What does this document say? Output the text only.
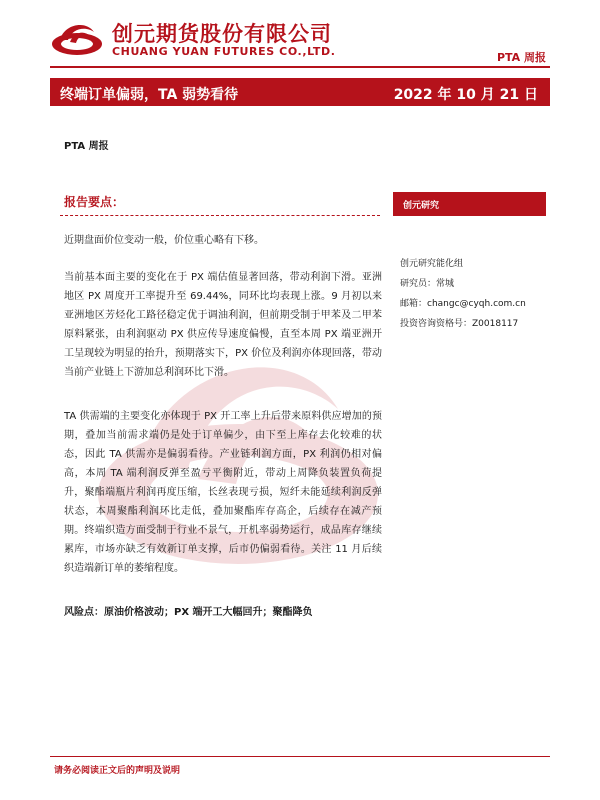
创元期货股份有限公司
CHUANG YUAN FUTURES CO.,LTD.	PTA 周报
终端订单偏弱，TA 弱势看待	2022 年 10 月 21 日
PTA 周报
报告要点：

近期盘面价位变动一般，价位重心略有下移。

当前基本面主要的变化在于 PX 端估值显著回落，带动利润下滑。亚洲地区 PX 周度开工率提升至 69.44%，同环比均表现上涨。9 月初以来亚洲地区芳烃化工路径稳定优于调油利润，但前期受制于甲苯及二甲苯原料紧张，由利润驱动 PX 供应传导速度偏慢，直至本周 PX 端亚洲开工呈现较为明显的抬升，预期落实下，PX 价位及利润亦体现回落，带动当前产业链上下游加总利润环比下滑。

TA 供需端的主要变化亦体现于 PX 开工率上升后带来原料供应增加的预期，叠加当前需求端仍是处于订单偏少，由下至上库存去化较难的状态，因此 TA 供需亦是偏弱看待。产业链利润方面，PX 利润仍相对偏高，本周 TA 端利润反弹至盈亏平衡附近，带动上周降负装置负荷提升，聚酯端瓶片利润再度压缩，长丝表现亏损，短纤未能延续利润反弹状态，本周聚酯利润环比走低，叠加聚酯库存高企，后续存在减产预期。终端织造方面受制于行业不景气，开机率弱势运行，成品库存继续累库，市场亦缺乏有效新订单支撑，后市仍偏弱看待。关注 11 月后续织造端新订单的萎缩程度。

风险点：原油价格波动；PX 端开工大幅回升；聚酯降负
创元研究
创元研究能化组
研究员：常城
邮箱：changc@cyqh.com.cn
投资咨询资格号：Z0018117
请务必阅读正文后的声明及说明
